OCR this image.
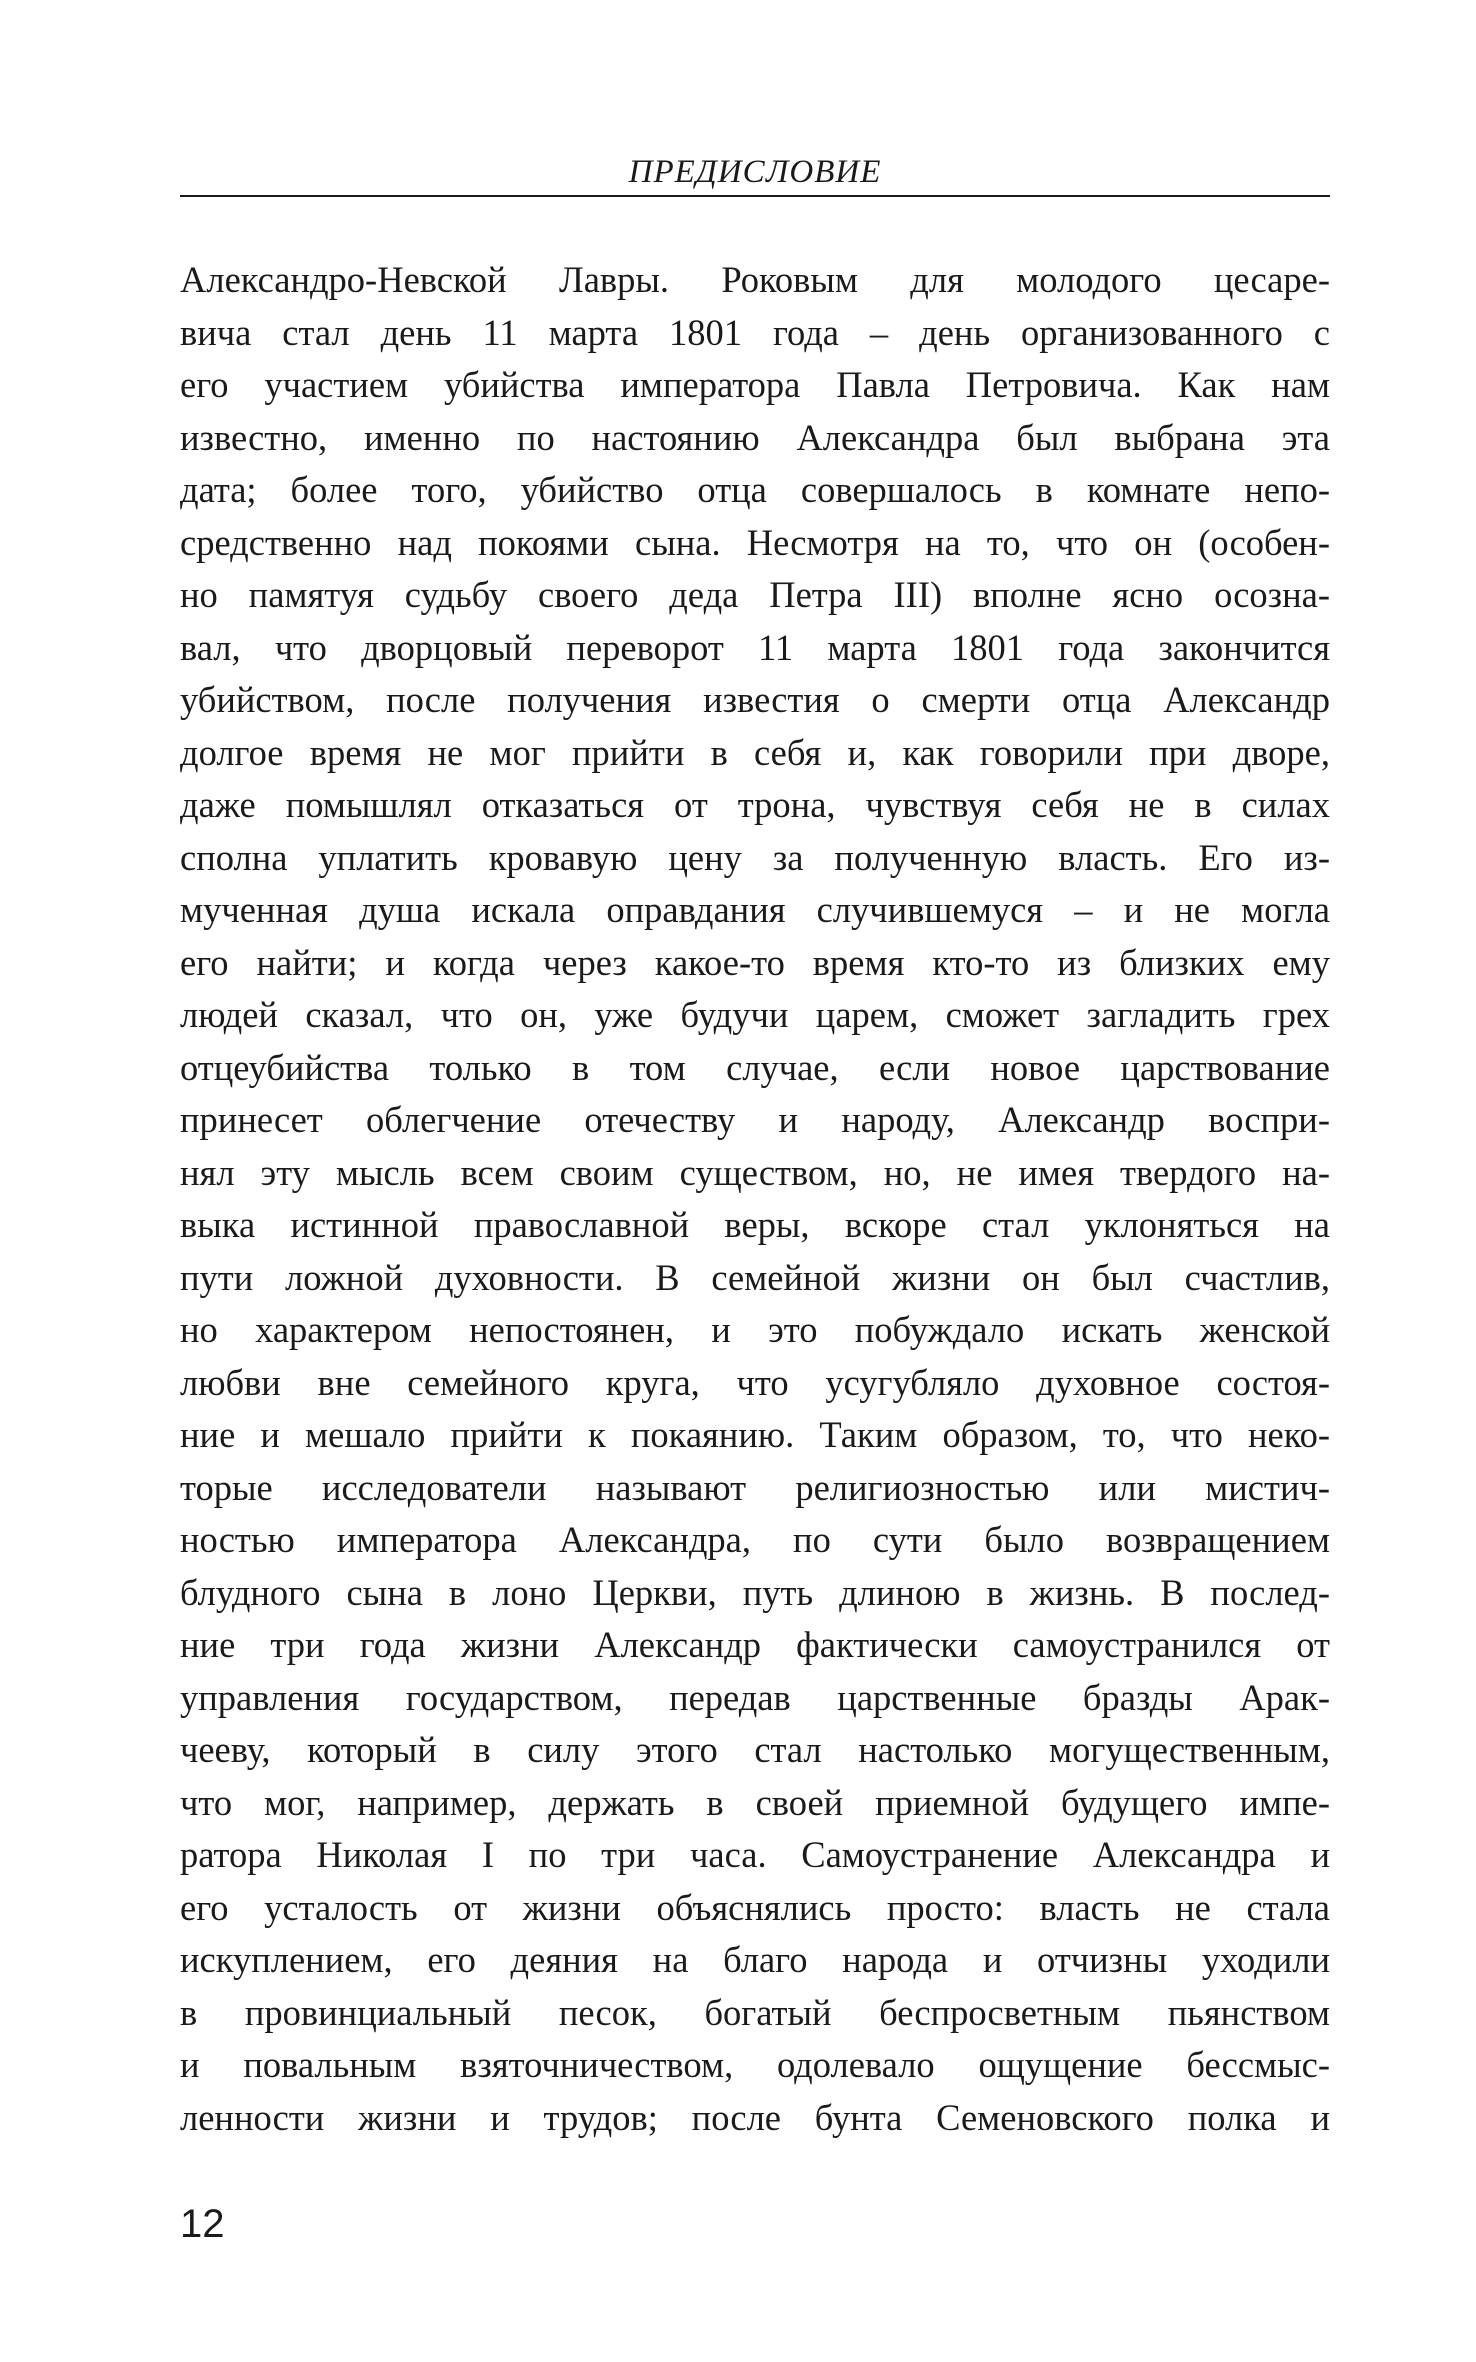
ПРЕДИСЛОВИЕ
Александро-Невской Лавры. Роковым для молодого цесаре-
вича стал день 11 марта 1801 года – день организованного с
его участием убийства императора Павла Петровича. Как нам
известно, именно по настоянию Александра был выбрана эта
дата; более того, убийство отца совершалось в комнате непо-
средственно над покоями сына. Несмотря на то, что он (особен-
но памятуя судьбу своего деда Петра III) вполне ясно осозна-
вал, что дворцовый переворот 11 марта 1801 года закончится
убийством, после получения известия о смерти отца Александр
долгое время не мог прийти в себя и, как говорили при дворе,
даже помышлял отказаться от трона, чувствуя себя не в силах
сполна уплатить кровавую цену за полученную власть. Его из-
мученная душа искала оправдания случившемуся – и не могла
его найти; и когда через какое-то время кто-то из близких ему
людей сказал, что он, уже будучи царем, сможет загладить грех
отцеубийства только в том случае, если новое царствование
принесет облегчение отечеству и народу, Александр воспри-
нял эту мысль всем своим существом, но, не имея твердого на-
выка истинной православной веры, вскоре стал уклоняться на
пути ложной духовности. В семейной жизни он был счастлив,
но характером непостоянен, и это побуждало искать женской
любви вне семейного круга, что усугубляло духовное состоя-
ние и мешало прийти к покаянию. Таким образом, то, что неко-
торые исследователи называют религиозностью или мистич-
ностью императора Александра, по сути было возвращением
блудного сына в лоно Церкви, путь длиною в жизнь. В послед-
ние три года жизни Александр фактически самоустранился от
управления государством, передав царственные бразды Арак-
чееву, который в силу этого стал настолько могущественным,
что мог, например, держать в своей приемной будущего импе-
ратора Николая I по три часа. Самоустранение Александра и
его усталость от жизни объяснялись просто: власть не стала
искуплением, его деяния на благо народа и отчизны уходили
в провинциальный песок, богатый беспросветным пьянством
и повальным взяточничеством, одолевало ощущение бессмыс-
ленности жизни и трудов; после бунта Семеновского полка и
12
